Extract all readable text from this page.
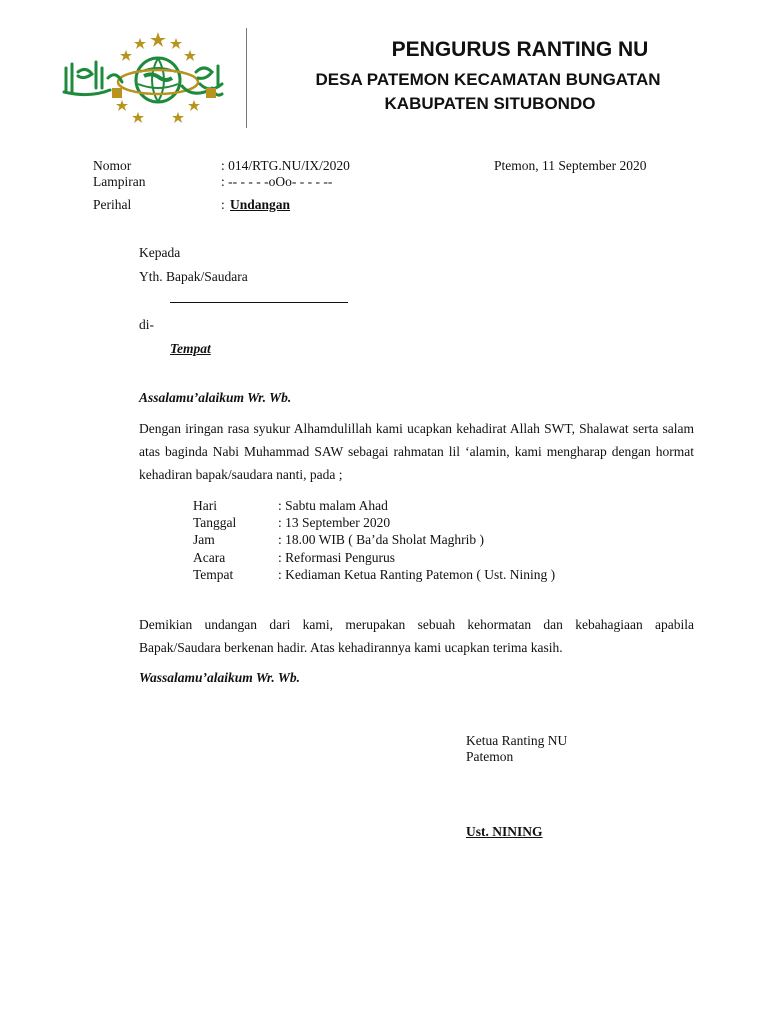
PENGURUS RANTING NU
DESA PATEMON KECAMATAN BUNGATAN
KABUPATEN SITUBONDO
Nomor	: 014/RTG.NU/IX/2020	Ptemon, 11 September 2020
Lampiran	: -- - - - -oOo- - - - --
Perihal	: Undangan
Kepada
Yth. Bapak/Saudara
di-
Tempat
Assalamu’alaikum Wr. Wb.
Dengan iringan rasa syukur Alhamdulillah kami ucapkan kehadirat Allah SWT, Shalawat serta salam atas baginda Nabi Muhammad SAW sebagai rahmatan lil ‘alamin, kami mengharap dengan hormat kehadiran bapak/saudara nanti, pada ;
Hari	: Sabtu malam Ahad
Tanggal	: 13 September 2020
Jam	: 18.00 WIB ( Ba’da Sholat Maghrib )
Acara	: Reformasi Pengurus
Tempat	: Kediaman Ketua Ranting Patemon ( Ust. Nining )
Demikian undangan dari kami, merupakan sebuah kehormatan dan kebahagiaan apabila Bapak/Saudara berkenan hadir. Atas kehadirannya kami ucapkan terima kasih.
Wassalamu’alaikum Wr. Wb.
Ketua Ranting NU
Patemon
Ust. NINING
